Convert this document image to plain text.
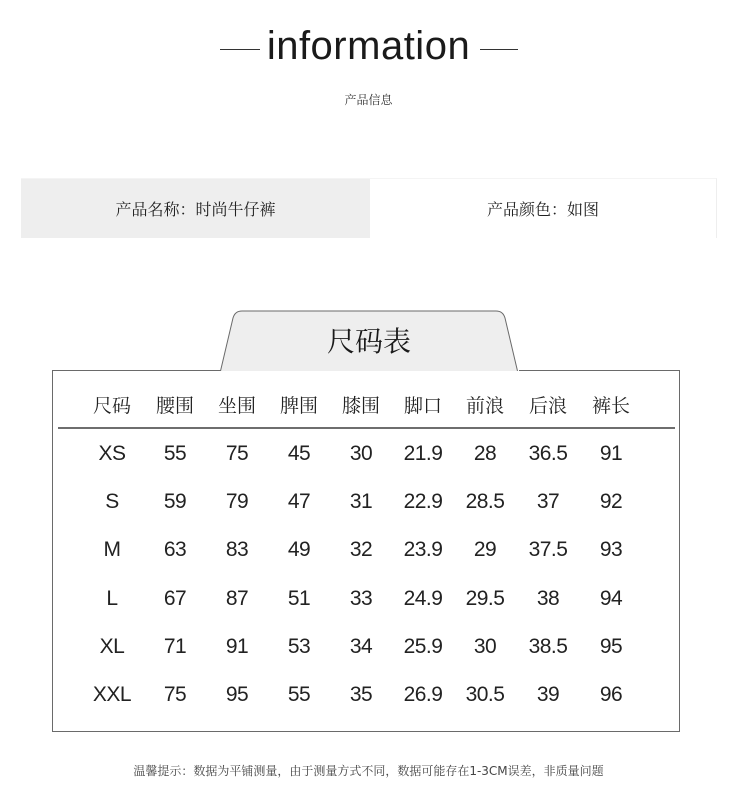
information
产品信息
产品名称：时尚牛仔裤	产品颜色：如图
尺码表
尺码	腰围	坐围	脾围	膝围	脚口	前浪	后浪	裤长
XS	55	75	45	30	21.9	28	36.5	91
S	59	79	47	31	22.9	28.5	37	92
M	63	83	49	32	23.9	29	37.5	93
L	67	87	51	33	24.9	29.5	38	94
XL	71	91	53	34	25.9	30	38.5	95
XXL	75	95	55	35	26.9	30.5	39	96
温馨提示：数据为平铺测量，由于测量方式不同，数据可能存在1-3CM误差，非质量问题
